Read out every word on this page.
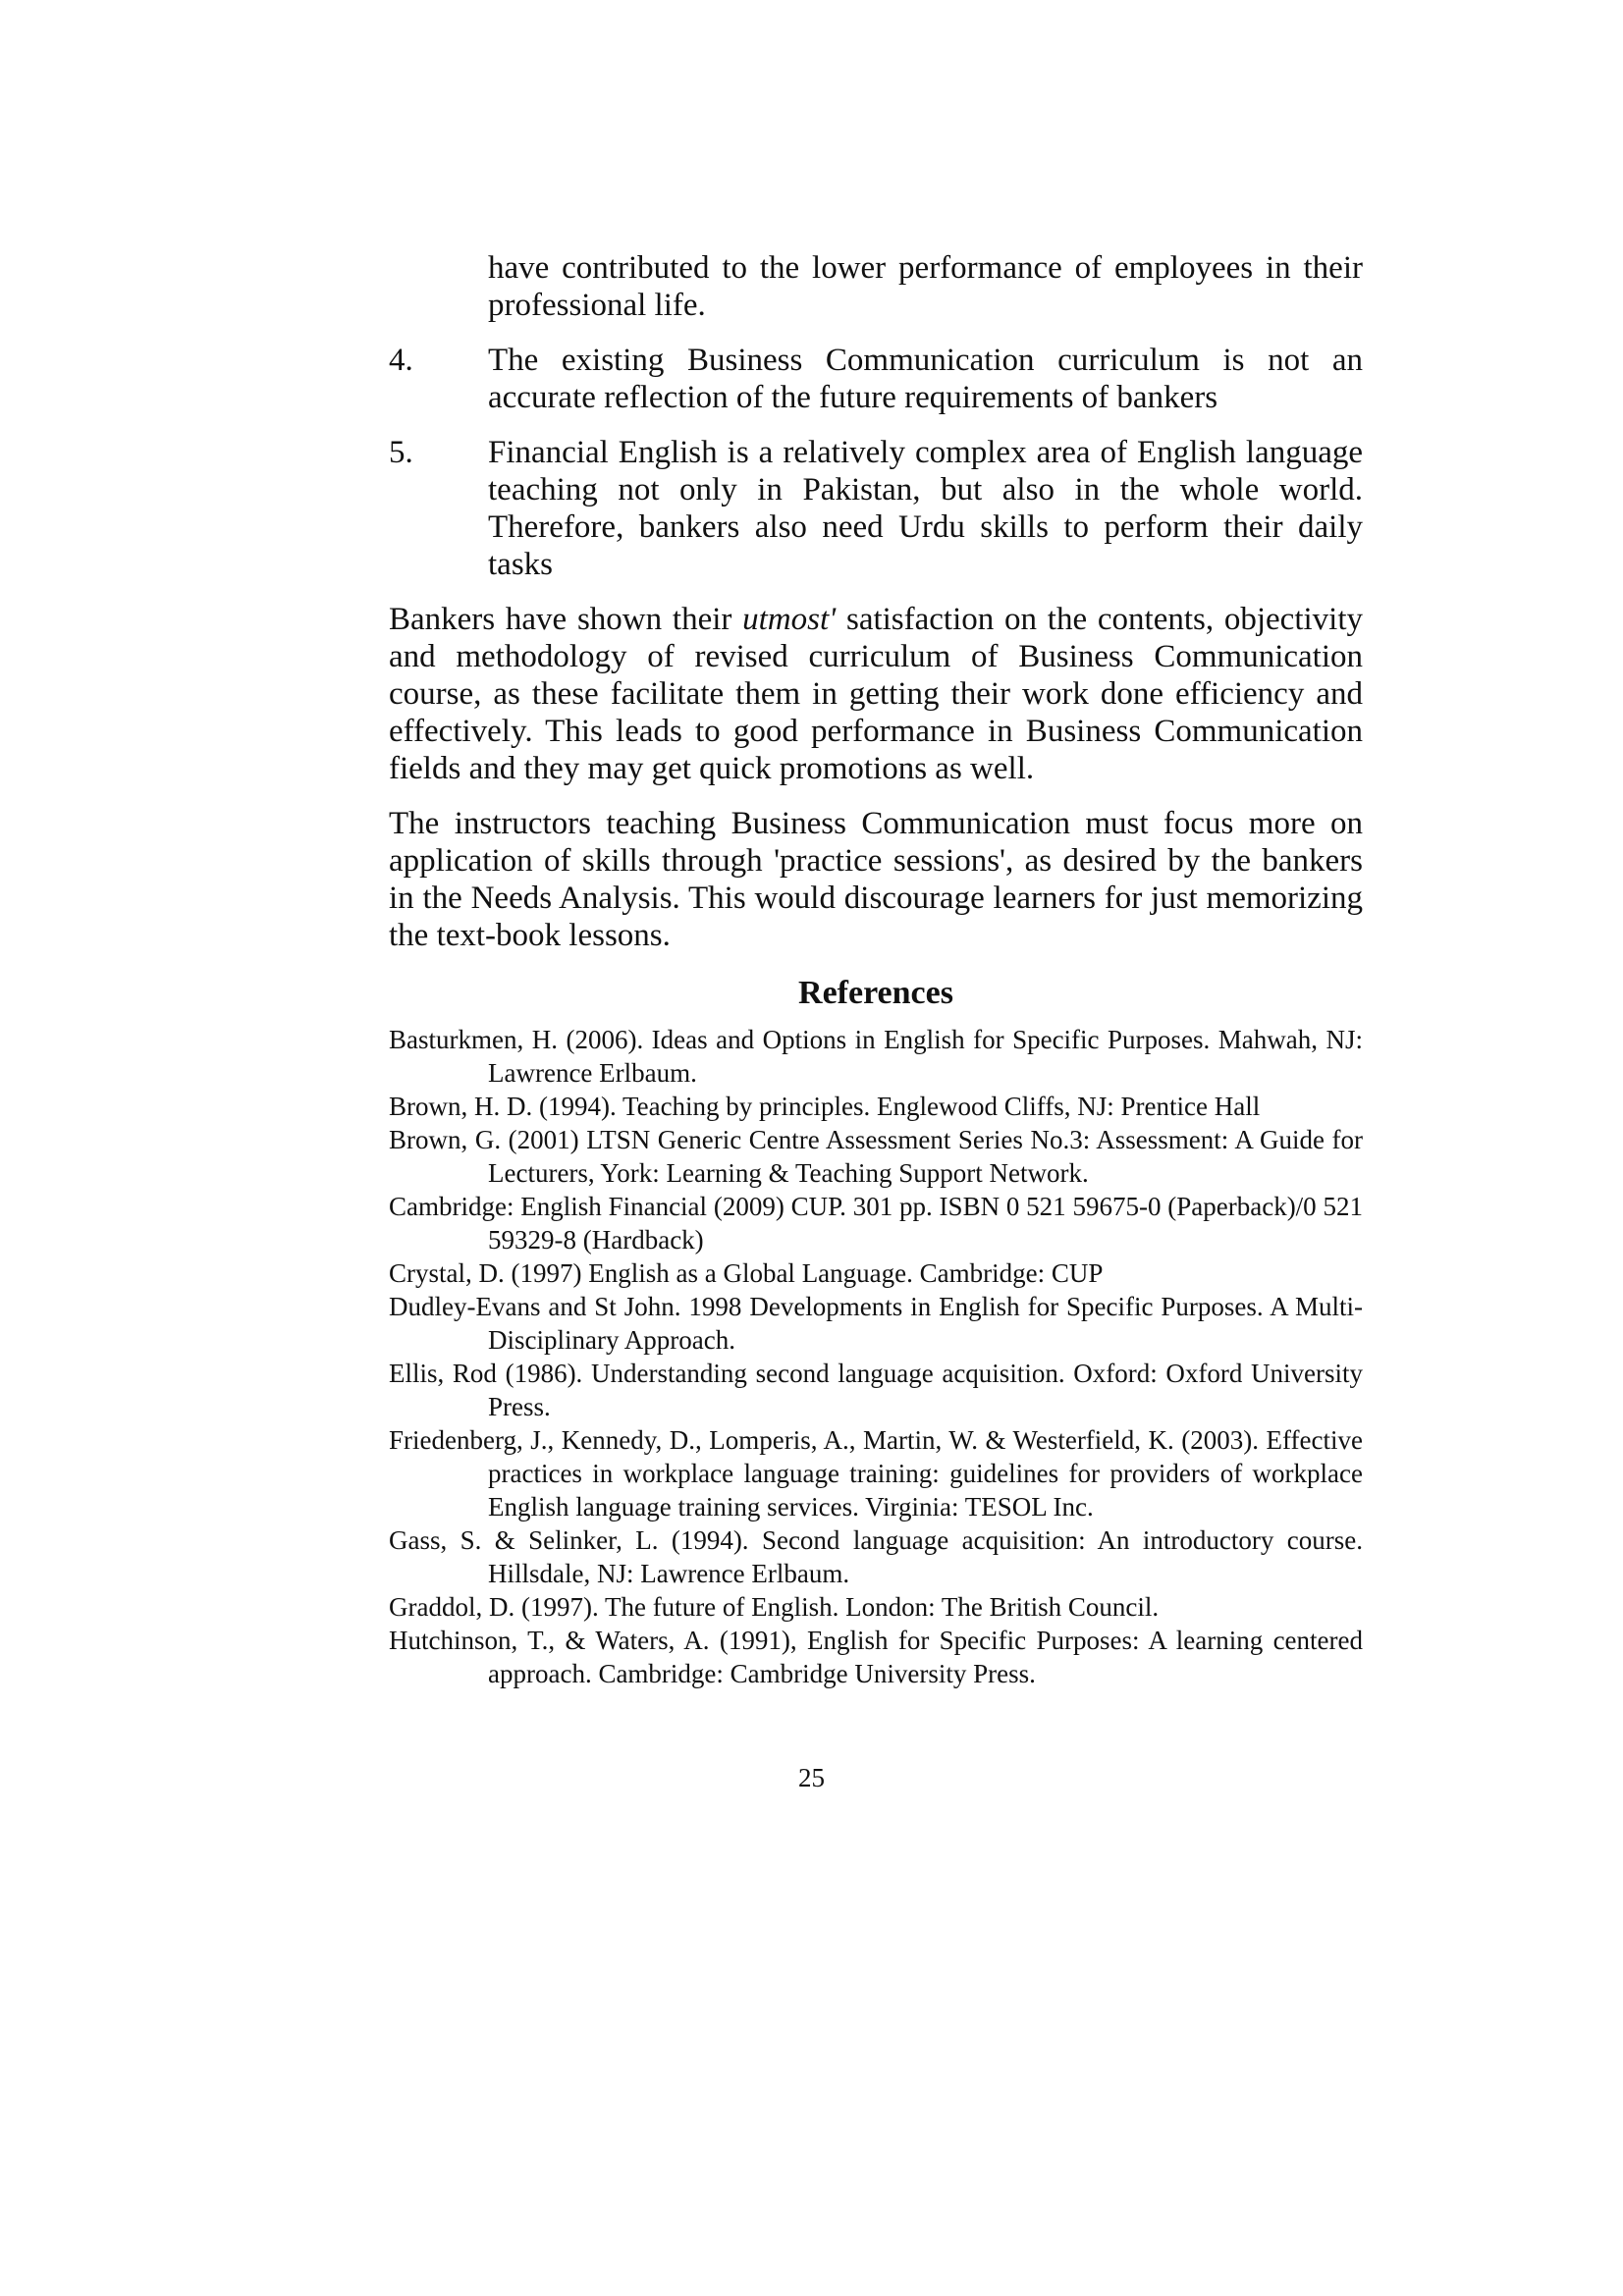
have contributed to the lower performance of employees in their professional life.
4.	The existing Business Communication curriculum is not an accurate reflection of the future requirements of bankers
5.	Financial English is a relatively complex area of English language teaching not only in Pakistan, but also in the whole world. Therefore, bankers also need Urdu skills to perform their daily tasks

Bankers have shown their utmost' satisfaction on the contents, objectivity and methodology of revised curriculum of Business Communication course, as these facilitate them in getting their work done efficiency and effectively. This leads to good performance in Business Communication fields and they may get quick promotions as well.

The instructors teaching Business Communication must focus more on application of skills through 'practice sessions', as desired by the bankers in the Needs Analysis. This would discourage learners for just memorizing the text-book lessons.

References
Basturkmen, H. (2006). Ideas and Options in English for Specific Purposes. Mahwah, NJ: Lawrence Erlbaum.
Brown, H. D. (1994). Teaching by principles. Englewood Cliffs, NJ: Prentice Hall
Brown, G. (2001) LTSN Generic Centre Assessment Series No.3: Assessment: A Guide for Lecturers, York: Learning & Teaching Support Network.
Cambridge: English Financial (2009) CUP. 301 pp. ISBN 0 521 59675-0 (Paperback)/0 521 59329-8 (Hardback)
Crystal, D. (1997) English as a Global Language. Cambridge: CUP
Dudley-Evans and St John. 1998 Developments in English for Specific Purposes. A Multi-Disciplinary Approach.
Ellis, Rod (1986). Understanding second language acquisition. Oxford: Oxford University Press.
Friedenberg, J., Kennedy, D., Lomperis, A., Martin, W. & Westerfield, K. (2003). Effective practices in workplace language training: guidelines for providers of workplace English language training services. Virginia: TESOL Inc.
Gass, S. & Selinker, L. (1994). Second language acquisition: An introductory course. Hillsdale, NJ: Lawrence Erlbaum.
Graddol, D. (1997). The future of English. London: The British Council.
Hutchinson, T., & Waters, A. (1991), English for Specific Purposes: A learning centered approach. Cambridge: Cambridge University Press.
25
